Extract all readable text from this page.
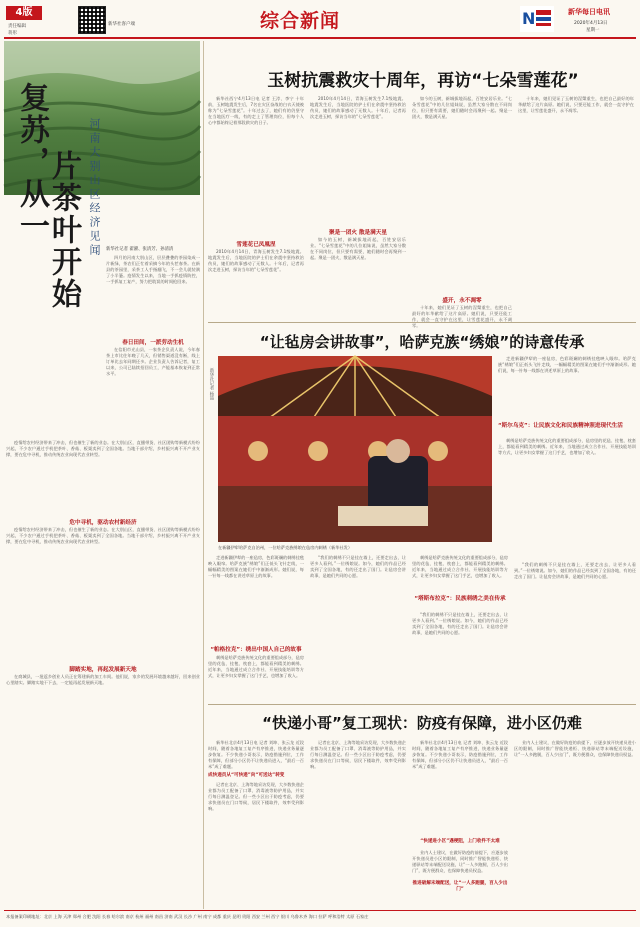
4版
责任编辑
蒋彤
新华社客户端	综合新闻	N	新华每日电讯
2020年4月13日
星期一
复苏，从一
片茶叶开始 河南大别山区经济见闻 新华社记者 翟濯、张清芳、孙清清

四月的河南大别山区，层层叠叠的茶园染成一片新绿，茶农们正忙着采摘今年的头茬春茶。在新县的茶园里，采茶工人手指翻飞，不一会儿就装满了小半篓。疫情发生以来，当地一手抓疫情防控，一手抓复工复产，努力把耽误的时间抢回来。

春日田间，一派劳动生机

在信阳市光山县，一家茶企负责人说，今年春茶上市比往年晚了几天，但销售渠道没有断，线上订单比去年同期还多。企业负责人告诉记者，复工以来，公司已陆续招回员工，产能基本恢复到正常水平。

疫情给农村经济带来了冲击，但也催生了新的业态。在大别山区，直播带货、社区团购等新模式纷纷兴起，不少农户通过手机把茶叶、香菇、板栗卖到了全国各地。当地干部介绍，乡村振兴离不开产业支撑，要在危中寻机，推动传统农业向现代农业转型。

危中寻机，驱动农村新经济

疫情给农村经济带来了冲击，但也催生了新的业态。在大别山区，直播带货、社区团购等新模式纷纷兴起，不少农户通过手机把茶叶、香菇、板栗卖到了全国各地。当地干部介绍，乡村振兴离不开产业支撑，要在危中寻机，推动传统农业向现代农业转型。

脚踏实地，再起发展新天地

在商城县，一批返乡创业人员正在筹建新的加工车间。他们说，家乡的发展环境越来越好，回来创业心里踏实。脚踏实地干下去，一定能再起发展新天地。

玉树抗震救灾十周年，再访“七朵雪莲花”

新华社西宁4月13日电 记者 王浡、李宁 十年前，玉树地震发生后，7名在灾区奋战的白衣天使被称为“七朵雪莲花”。十年过去了，她们有的仍坚守在当地医疗一线，有的走上了管理岗位，但每个人心中都始终记着那段救灾的日子。

雪莲花已凤凰涅

2010年4月14日，青海玉树发生7.1级地震。地震发生后，当地医院的护士们在余震中坚持救治伤员，她们的故事感动了无数人。十年后，记者再次走进玉树，探访当年的“七朵雪莲花”。

2010年4月14日，青海玉树发生7.1级地震。地震发生后，当地医院的护士们在余震中坚持救治伤员，她们的故事感动了无数人。十年后，记者再次走进玉树，探访当年的“七朵雪莲花”。

聚是一团火 散是满天星

如今的玉树，新城拔地而起，百姓安居乐业。“七朵雪莲花”中的几位姐妹说，虽然大家分散在不同岗位，但只要有需要，她们随时会再聚到一起。聚是一团火，散是满天星。

如今的玉树，新城拔地而起，百姓安居乐业。“七朵雪莲花”中的几位姐妹说，虽然大家分散在不同岗位，但只要有需要，她们随时会再聚到一起。聚是一团火，散是满天星。

盛开，永不凋零

十年来，她们见证了玉树的涅槃重生，也把自己最好的年华献给了这片高原。她们说，只要还能工作，就会一直守护在这里，让雪莲花盛开，永不凋零。

十年来，她们见证了玉树的涅槃重生，也把自己最好的年华献给了这片高原。她们说，只要还能工作，就会一直守护在这里，让雪莲花盛开，永不凋零。

“让毡房会讲故事”，哈萨克族“绣娘”的诗意传承
新华社记者 杨喆
在新疆伊犁哈萨克自治州，一位哈萨克族绣娘在毡房内刺绣（新华社发）

走进新疆伊犁的一座毡房，色彩斑斓的刺绣挂毯映入眼帘。哈萨克族“绣娘”们正低头飞针走线，一幅幅精美的图案在她们手中渐渐成形。她们说，每一针每一线都在讲述草原上的故事。

“斯尔乌克”：让民族文化和民族精神照进现代生活

刺绣是哈萨克族传统文化的重要组成部分，毡房里的花毡、挂毯、枕套上，都能看到精美的刺绣。近年来，当地通过成立合作社、开展技能培训等方式，让更多妇女掌握了这门手艺，也增加了收入。

走进新疆伊犁的一座毡房，色彩斑斓的刺绣挂毯映入眼帘。哈萨克族“绣娘”们正低头飞针走线，一幅幅精美的图案在她们手中渐渐成形。她们说，每一针每一线都在讲述草原上的故事。

“帕格拉克”：绣出中国人自己的故事

刺绣是哈萨克族传统文化的重要组成部分，毡房里的花毡、挂毯、枕套上，都能看到精美的刺绣。近年来，当地通过成立合作社、开展技能培训等方式，让更多妇女掌握了这门手艺，也增加了收入。

“我们的刺绣不只是挂在墙上，还要走出去，让更多人看到。”一位绣娘说。如今，她们的作品已经卖到了全国各地，有的还走出了国门。让毡房会讲故事，是她们共同的心愿。

刺绣是哈萨克族传统文化的重要组成部分，毡房里的花毡、挂毯、枕套上，都能看到精美的刺绣。近年来，当地通过成立合作社、开展技能培训等方式，让更多妇女掌握了这门手艺，也增加了收入。

“塔斯布拉克”：民族刺绣之美在传承

“我们的刺绣不只是挂在墙上，还要走出去，让更多人看到。”一位绣娘说。如今，她们的作品已经卖到了全国各地，有的还走出了国门。让毡房会讲故事，是她们共同的心愿。

“我们的刺绣不只是挂在墙上，还要走出去，让更多人看到。”一位绣娘说。如今，她们的作品已经卖到了全国各地，有的还走出了国门。让毡房会讲故事，是她们共同的心愿。

“快递小哥”复工现状：防疫有保障，进小区仍难

新华社北京4月13日电 记者 刘坤、张云龙 近段时间，随着各地复工复产有序推进，快递业务量逐步恢复。不少快递小哥表示，防疫措施到位，工作有保障，但部分小区仍不让快递员进入，“最后一百米”成了难题。

成快递员从“可快递”向“可送达”转变

记者在北京、上海等地采访发现，大多数快递企业都为员工配备了口罩、消毒液等防护用品，并实行每日测温登记。但一些小区出于防疫考虑，仍要求快递员在门口等候，居民下楼取件，效率受到影响。

记者在北京、上海等地采访发现，大多数快递企业都为员工配备了口罩、消毒液等防护用品，并实行每日测温登记。但一些小区出于防疫考虑，仍要求快递员在门口等候，居民下楼取件，效率受到影响。

新华社北京4月13日电 记者 刘坤、张云龙 近段时间，随着各地复工复产有序推进，快递业务量逐步恢复。不少快递小哥表示，防疫措施到位，工作有保障，但部分小区仍不让快递员进入，“最后一百米”成了难题。

“快递进小区”遇梗阻，上门收件不太难

业内人士建议，在做好防疫的前提下，应逐步放开快递员进小区的限制，同时推广智能快递柜、快递驿站等末端配送设施，让“一人多跑腿，百人少出门”，既方便群众，也保障快递员权益。

推进破解末端配送，让“一人多跑腿，百人少出门”

业内人士建议，在做好防疫的前提下，应逐步放开快递员进小区的限制，同时推广智能快递柜、快递驿站等末端配送设施，让“一人多跑腿，百人少出门”，既方便群众，也保障快递员权益。

本报备案印刷地址：北京 上海 天津 郑州 合肥 沈阳 长春 哈尔滨 南京 杭州 福州 南昌 济南 武汉 长沙 广州 南宁 成都 重庆 昆明 贵阳 西安 兰州 西宁 银川 乌鲁木齐 海口 拉萨 呼和浩特 太原 石家庄
